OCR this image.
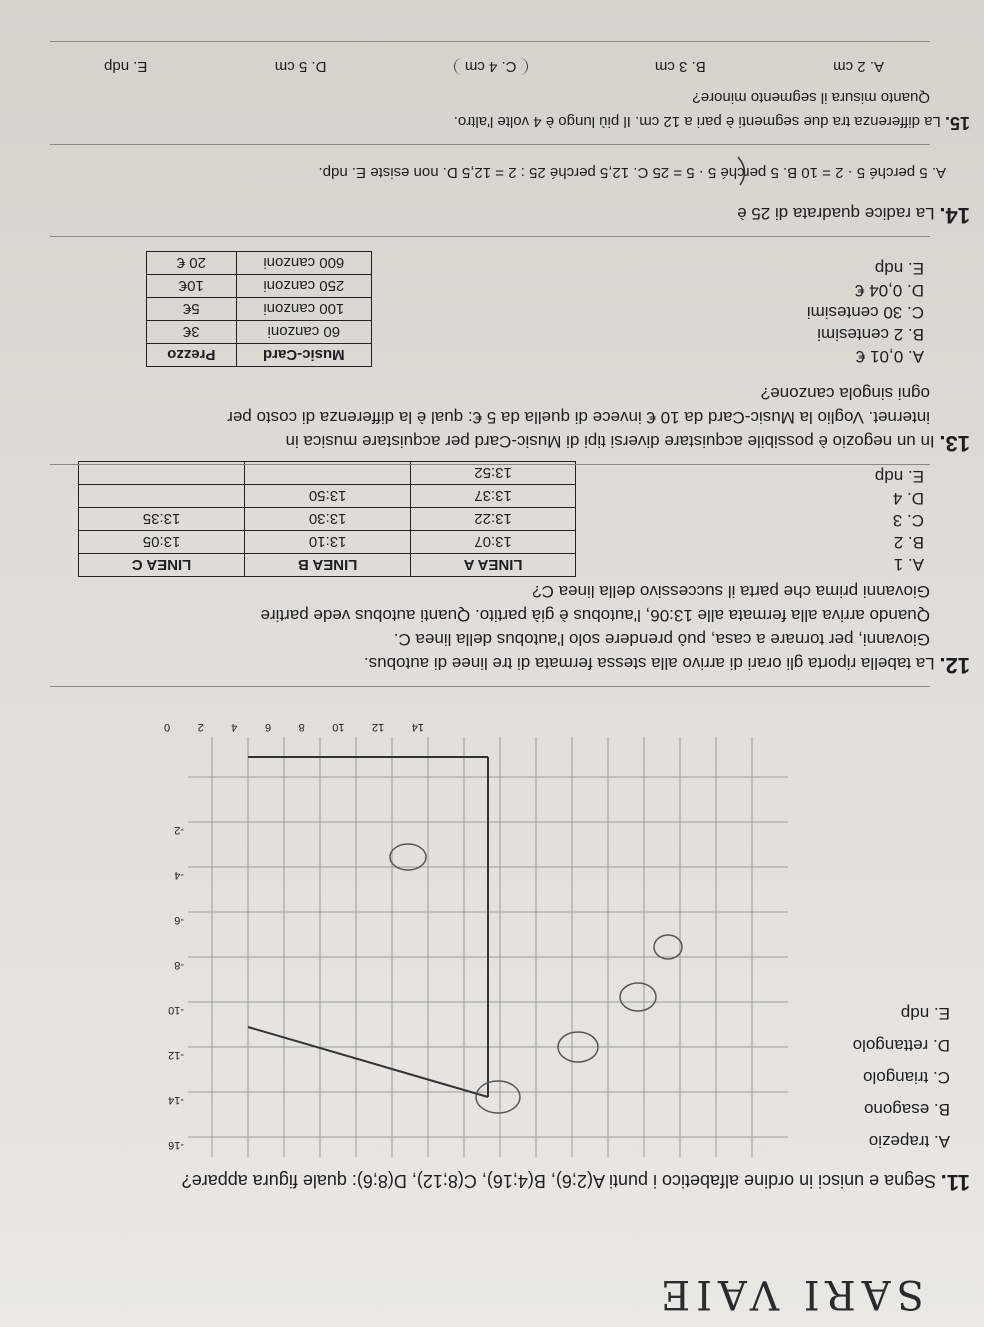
SARI VAIE
11. Segna e unisci in ordine alfabetico i punti A(2;6), B(4;16), C(8;12), D(8;6): quale figura appare?
A. trapezio
B. esagono
C. triangolo
D. rettangolo
E. ndp
-16
-14
-12
-10
-8
-6
-4
-2
0	2	4	6	8	10	12	14
12. La tabella riporta gli orari di arrivo alla stessa fermata di tre linee di autobus.
Giovanni, per tornare a casa, può prendere solo l'autobus della linea C.
Quando arriva alla fermata alle 13:06, l'autobus è già partito. Quanti autobus vede partire
Giovanni prima che parta il successivo della linea C?
A. 1
B. 2
C. 3
D. 4
E. ndp
LINEA A	LINEA B	LINEA C
13:07	13:10	13:05
13:22	13:30	13:35
13:37	13:50	
13:52		
13. In un negozio è possibile acquistare diversi tipi di Music-Card per acquistare musica in
internet. Voglio la Music-Card da 10 € invece di quella da 5 €: qual è la differenza di costo per
ogni singola canzone?
A. 0,01 €
B. 2 centesimi
C. 30 centesimi
D. 0,04 €
E. ndp
Music-Card	Prezzo
60 canzoni	3€
100 canzoni	5€
250 canzoni	10€
600 canzoni	20 €
14. La radice quadrata di 25 è
A. 5 perché 5 · 2 = 10 B. 5 perché 5 · 5 = 25 C. 12,5 perché 25 : 2 = 12,5 D. non esiste E. ndp.
15. La differenza tra due segmenti è pari a 12 cm. Il più lungo è 4 volte l'altro.
Quanto misura il segmento minore?
A. 2 cm
B. 3 cm
C. 4 cm
D. 5 cm
E. ndp
